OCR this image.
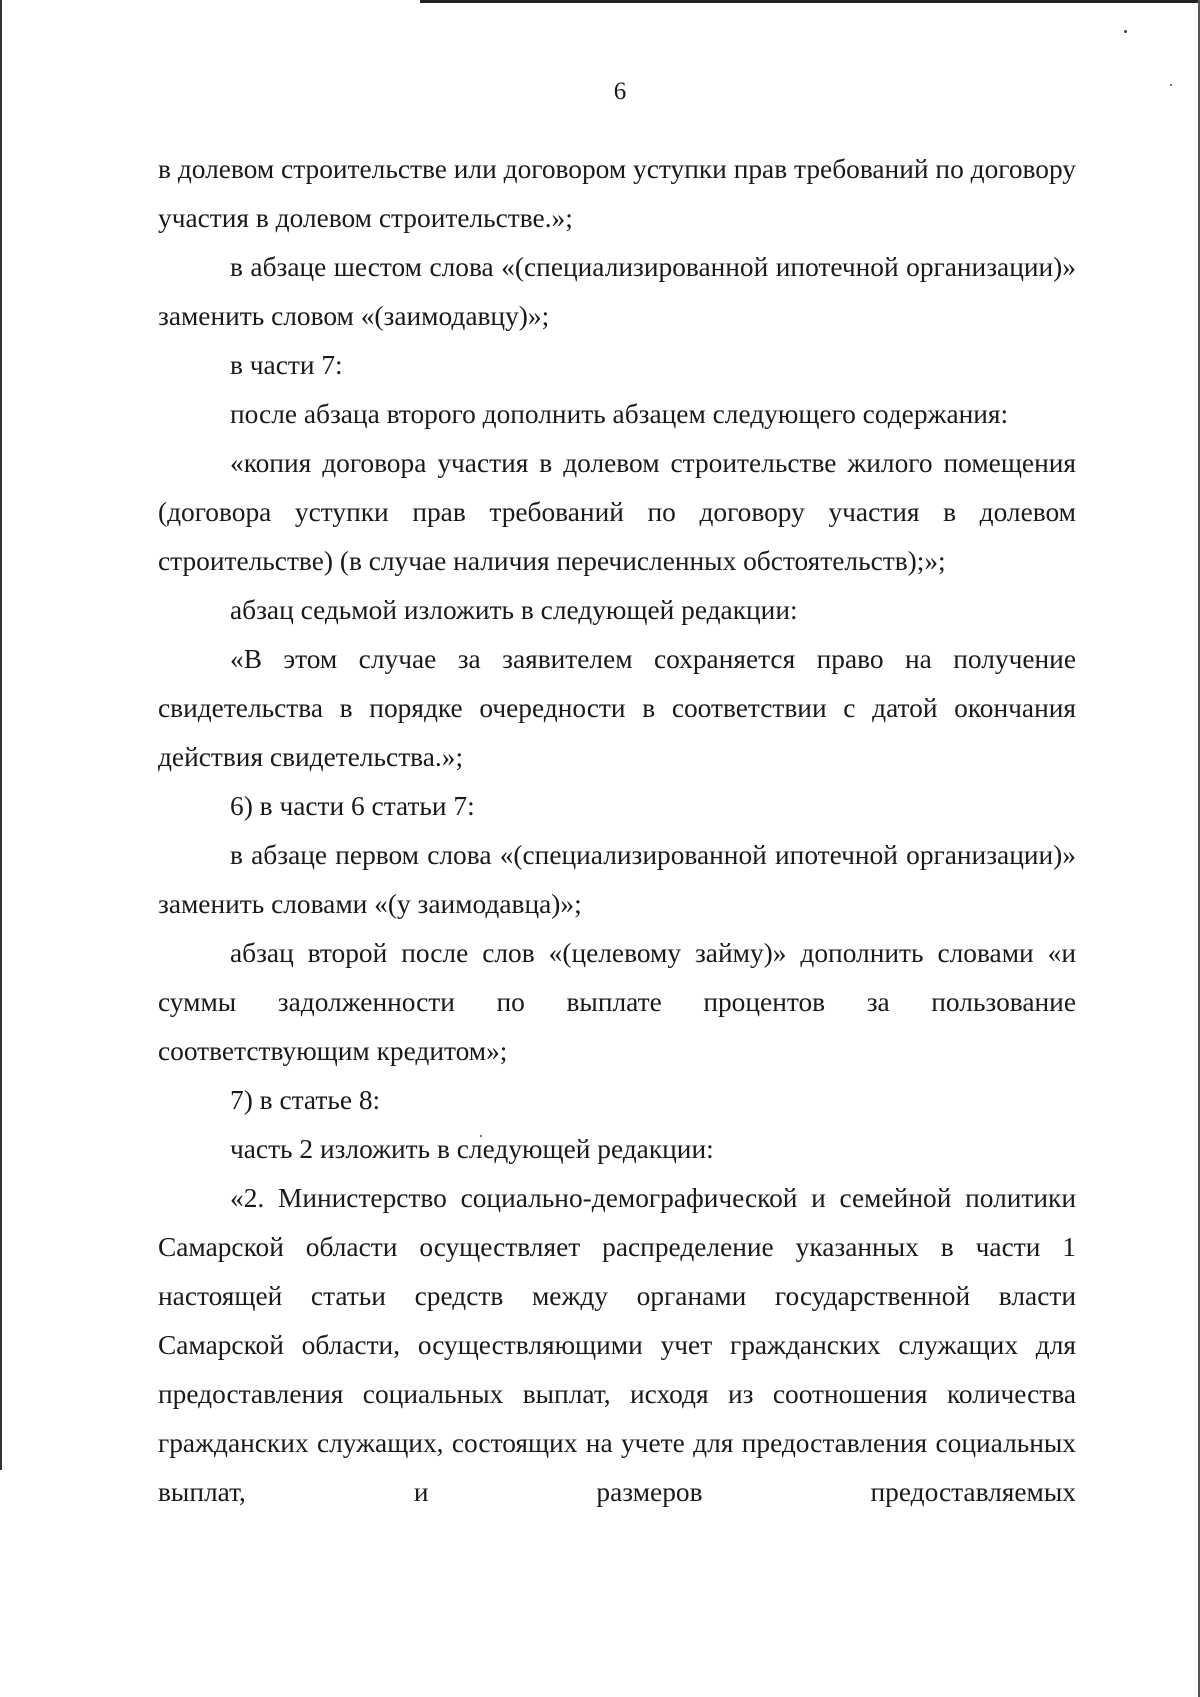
6

в долевом строительстве или договором уступки прав требований по договору участия в долевом строительстве.»;

в абзаце шестом слова «(специализированной ипотечной организации)» заменить словом «(заимодавцу)»;

в части 7:

после абзаца второго дополнить абзацем следующего содержания:

«копия договора участия в долевом строительстве жилого помещения (договора уступки прав требований по договору участия в долевом строительстве) (в случае наличия перечисленных обстоятельств);»;

абзац седьмой изложить в следующей редакции:

«В этом случае за заявителем сохраняется право на получение свидетельства в порядке очередности в соответствии с датой окончания действия свидетельства.»;

6) в части 6 статьи 7:

в абзаце первом слова «(специализированной ипотечной организации)» заменить словами «(у заимодавца)»;

абзац второй после слов «(целевому займу)» дополнить словами «и суммы задолженности по выплате процентов за пользование соответствующим кредитом»;

7) в статье 8:

часть 2 изложить в следующей редакции:

«2. Министерство социально-демографической и семейной политики Самарской области осуществляет распределение указанных в части 1 настоящей статьи средств между органами государственной власти Самарской области, осуществляющими учет гражданских служащих для предоставления социальных выплат, исходя из соотношения количества гражданских служащих, состоящих на учете для предоставления социальных выплат, и размеров предоставляемых
